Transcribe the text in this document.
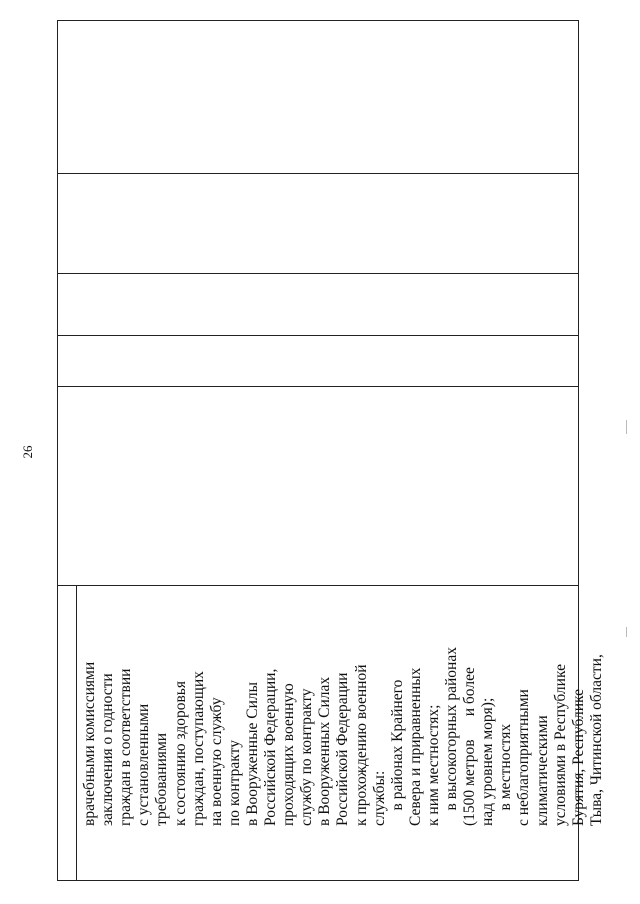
26
врачебными комиссиями заключения о годности граждан в соответствии с установленными требованиями к состоянию здоровья граждан, поступающих на военную службу по контракту в Вооруженные Силы Российской Федерации, проходящих военную службу по контракту в Вооруженных Силах Российской Федерации к прохождению военной службы: в районах Крайнего Севера и приравненных к ним местностях; в высокогорных районах (1500 метров      и более над уровнем моря); в местностях с неблагоприятными климатическими условиями в Республике Бурятия, Республике Тыва, Читинской области,
